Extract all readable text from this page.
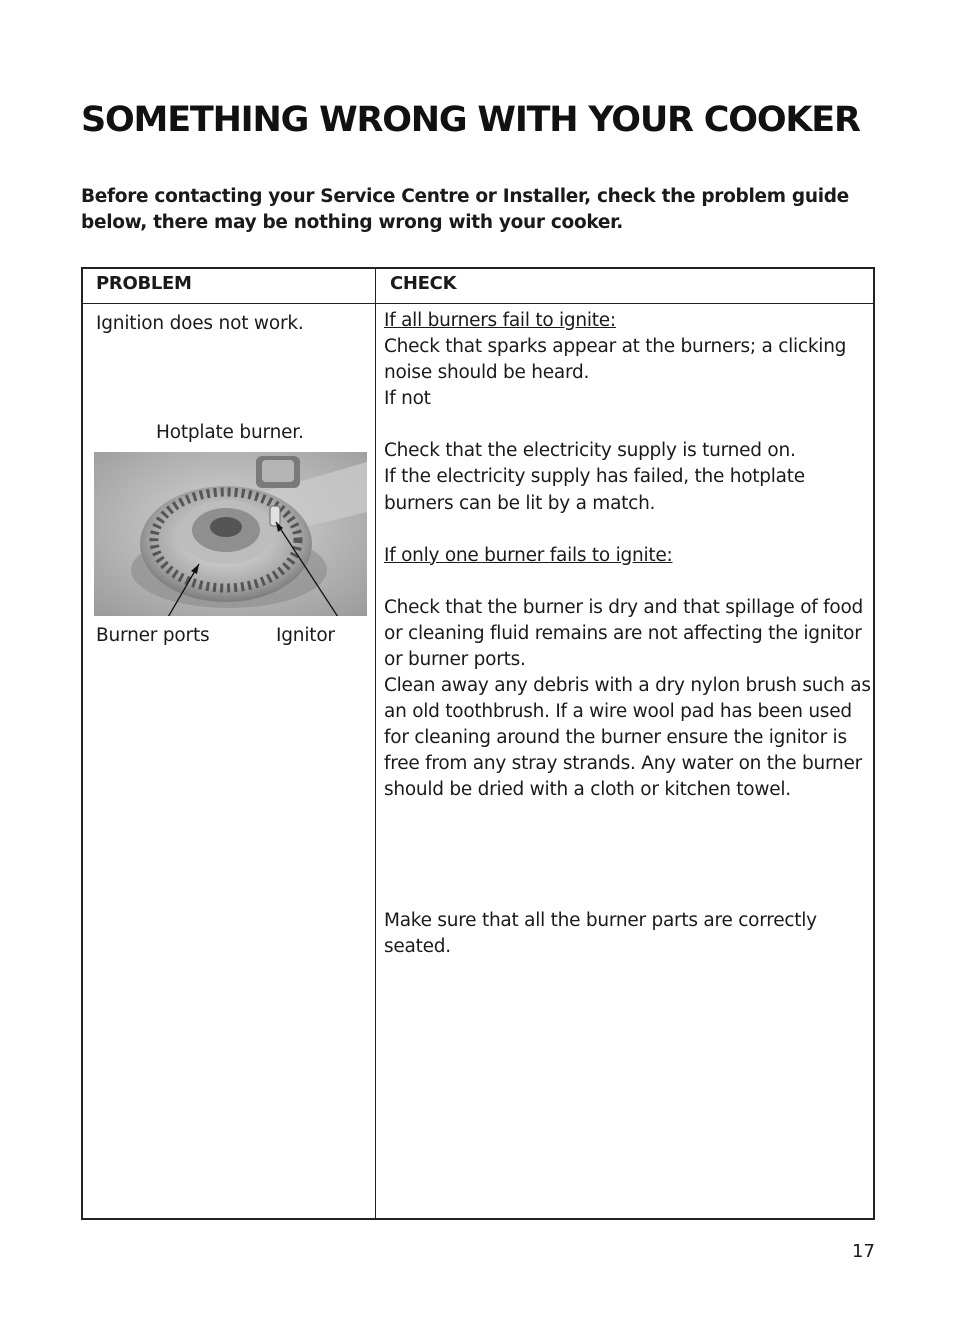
SOMETHING WRONG WITH YOUR COOKER
Before contacting your Service Centre or Installer, check the problem guide below, there may be nothing wrong with your cooker.
PROBLEM	CHECK
Ignition does not work.
Hotplate burner.
Burner ports	Ignitor

If all burners fail to ignite:

Check that sparks appear at the burners; a clicking noise should be heard.

If not

Check that the electricity supply is turned on.

If the electricity supply has failed, the hotplate burners can be lit by a match.

If only one burner fails to ignite:

Check that the burner is dry and that spillage of food or cleaning fluid remains are not affecting the ignitor or burner ports.

Clean away any debris with a dry nylon brush such as an old toothbrush. If a wire wool pad has been used for cleaning around the burner ensure the ignitor is free from any stray strands. Any water on the burner should be dried with a cloth or kitchen towel.

Make sure that all the burner parts are correctly seated.

17
